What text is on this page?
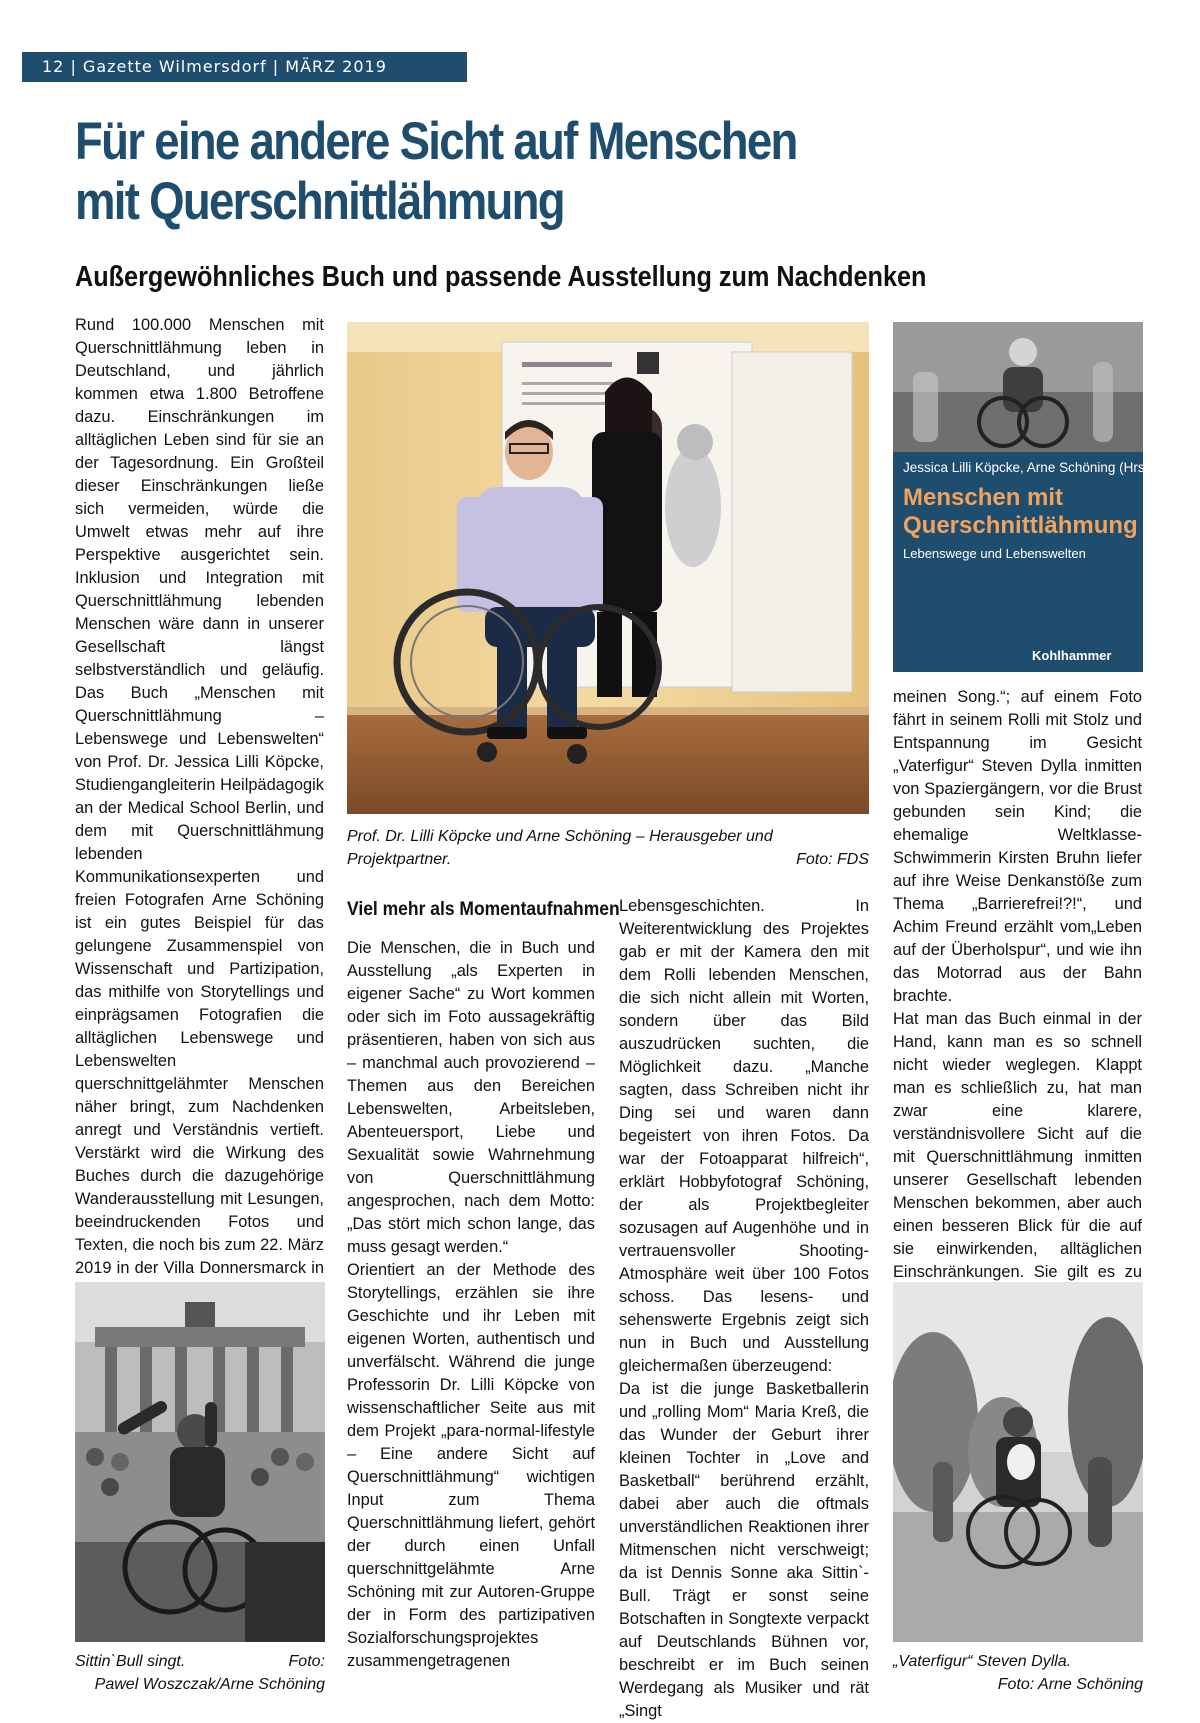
12 | Gazette Wilmersdorf | MÄRZ 2019
Für eine andere Sicht auf Menschen
mit Querschnittlähmung
Außergewöhnliches Buch und passende Ausstellung zum Nachdenken

Rund 100.000 Menschen mit Querschnittlähmung leben in Deutschland, und jährlich kommen etwa 1.800 Betroffene dazu. Einschränkungen im alltäglichen Leben sind für sie an der Tagesordnung. Ein Großteil dieser Einschränkungen ließe sich vermeiden, würde die Umwelt etwas mehr auf ihre Perspektive ausgerichtet sein. Inklusion und Integration mit Querschnittlähmung lebenden Menschen wäre dann in unserer Gesellschaft längst selbstverständlich und geläufig. Das Buch „Menschen mit Querschnittlähmung – Lebenswege und Lebenswelten“ von Prof. Dr. Jessica Lilli Köpcke, Studiengangleiterin Heilpädagogik an der Medical School Berlin, und dem mit Querschnittlähmung lebenden Kommunikationsexperten und freien Fotografen Arne Schöning ist ein gutes Beispiel für das gelungene Zusammenspiel von Wissenschaft und Partizipation, das mithilfe von Storytellings und einprägsamen Fotografien die alltäglichen Lebenswege und Lebenswelten querschnittgelähmter Menschen näher bringt, zum Nachdenken anregt und Verständnis vertieft. Verstärkt wird die Wirkung des Buches durch die dazugehörige Wanderausstellung mit Lesungen, beeindruckenden Fotos und Texten, die noch bis zum 22. März 2019 in der Villa Donnersmarck in

Prof. Dr. Lilli Köpcke und Arne Schöning – Herausgeber und Projektpartner.	Foto: FDS
Viel mehr als Momentaufnahmen

Die Menschen, die in Buch und Ausstellung „als Experten in eigener Sache“ zu Wort kommen oder sich im Foto aussagekräftig präsentieren, haben von sich aus – manchmal auch provozierend – Themen aus den Bereichen Lebenswelten, Arbeitsleben, Abenteuersport, Liebe und Sexualität sowie Wahrnehmung von Querschnittlähmung angesprochen, nach dem Motto: „Das stört mich schon lange, das muss gesagt werden.“

Orientiert an der Methode des Storytellings, erzählen sie ihre Geschichte und ihr Leben mit eigenen Worten, authentisch und unverfälscht. Während die junge Professorin Dr. Lilli Köpcke von wissenschaftlicher Seite aus mit dem Projekt „para-normal-lifestyle – Eine andere Sicht auf Querschnittlähmung“ wichtigen Input zum Thema Querschnittlähmung liefert, gehört der durch einen Unfall querschnittgelähmte Arne Schöning mit zur Autoren-Gruppe der in Form des partizipativen Sozialforschungsprojektes zusammengetragenen

Lebensgeschichten. In Weiterentwicklung des Projektes gab er mit der Kamera den mit dem Rolli lebenden Menschen, die sich nicht allein mit Worten, sondern über das Bild auszudrücken suchten, die Möglichkeit dazu. „Manche sagten, dass Schreiben nicht ihr Ding sei und waren dann begeistert von ihren Fotos. Da war der Fotoapparat hilfreich“, erklärt Hobbyfotograf Schöning, der als Projektbegleiter sozusagen auf Augenhöhe und in vertrauensvoller Shooting-Atmosphäre weit über 100 Fotos schoss. Das lesens- und sehenswerte Ergebnis zeigt sich nun in Buch und Ausstellung gleichermaßen überzeugend:

Da ist die junge Basketballerin und „rolling Mom“ Maria Kreß, die das Wunder der Geburt ihrer kleinen Tochter in „Love and Basketball“ berührend erzählt, dabei aber auch die oftmals unverständlichen Reaktionen ihrer Mitmenschen nicht verschweigt; da ist Dennis Sonne aka Sittin`-Bull. Trägt er sonst seine Botschaften in Songtexte verpackt auf Deutschlands Bühnen vor, beschreibt er im Buch seinen Werdegang als Musiker und rät „Singt

Jessica Lilli Köpcke, Arne Schöning (Hrsg.)
Menschen mit
Querschnittlähmung
Lebenswege und Lebenswelten
Kohlhammer

meinen Song.“; auf einem Foto fährt in seinem Rolli mit Stolz und Entspannung im Gesicht „Vaterfigur“ Steven Dylla inmitten von Spaziergängern, vor die Brust gebunden sein Kind; die ehemalige Weltklasse-Schwimmerin Kirsten Bruhn liefer auf ihre Weise Denkanstöße zum Thema „Barrierefrei!?!“, und Achim Freund erzählt vom„Leben auf der Überholspur“, und wie ihn das Motorrad aus der Bahn brachte.

Hat man das Buch einmal in der Hand, kann man es so schnell nicht wieder weglegen. Klappt man es schließlich zu, hat man zwar eine klarere, verständnisvollere Sicht auf die mit Querschnittlähmung inmitten unserer Gesellschaft lebenden Menschen bekommen, aber auch einen besseren Blick für die auf sie einwirkenden, alltäglichen Einschränkungen. Sie gilt es zu

Sittin`Bull singt.	Foto:
Pawel Woszczak/Arne Schöning
„Vaterfigur“ Steven Dylla.
Foto: Arne Schöning
